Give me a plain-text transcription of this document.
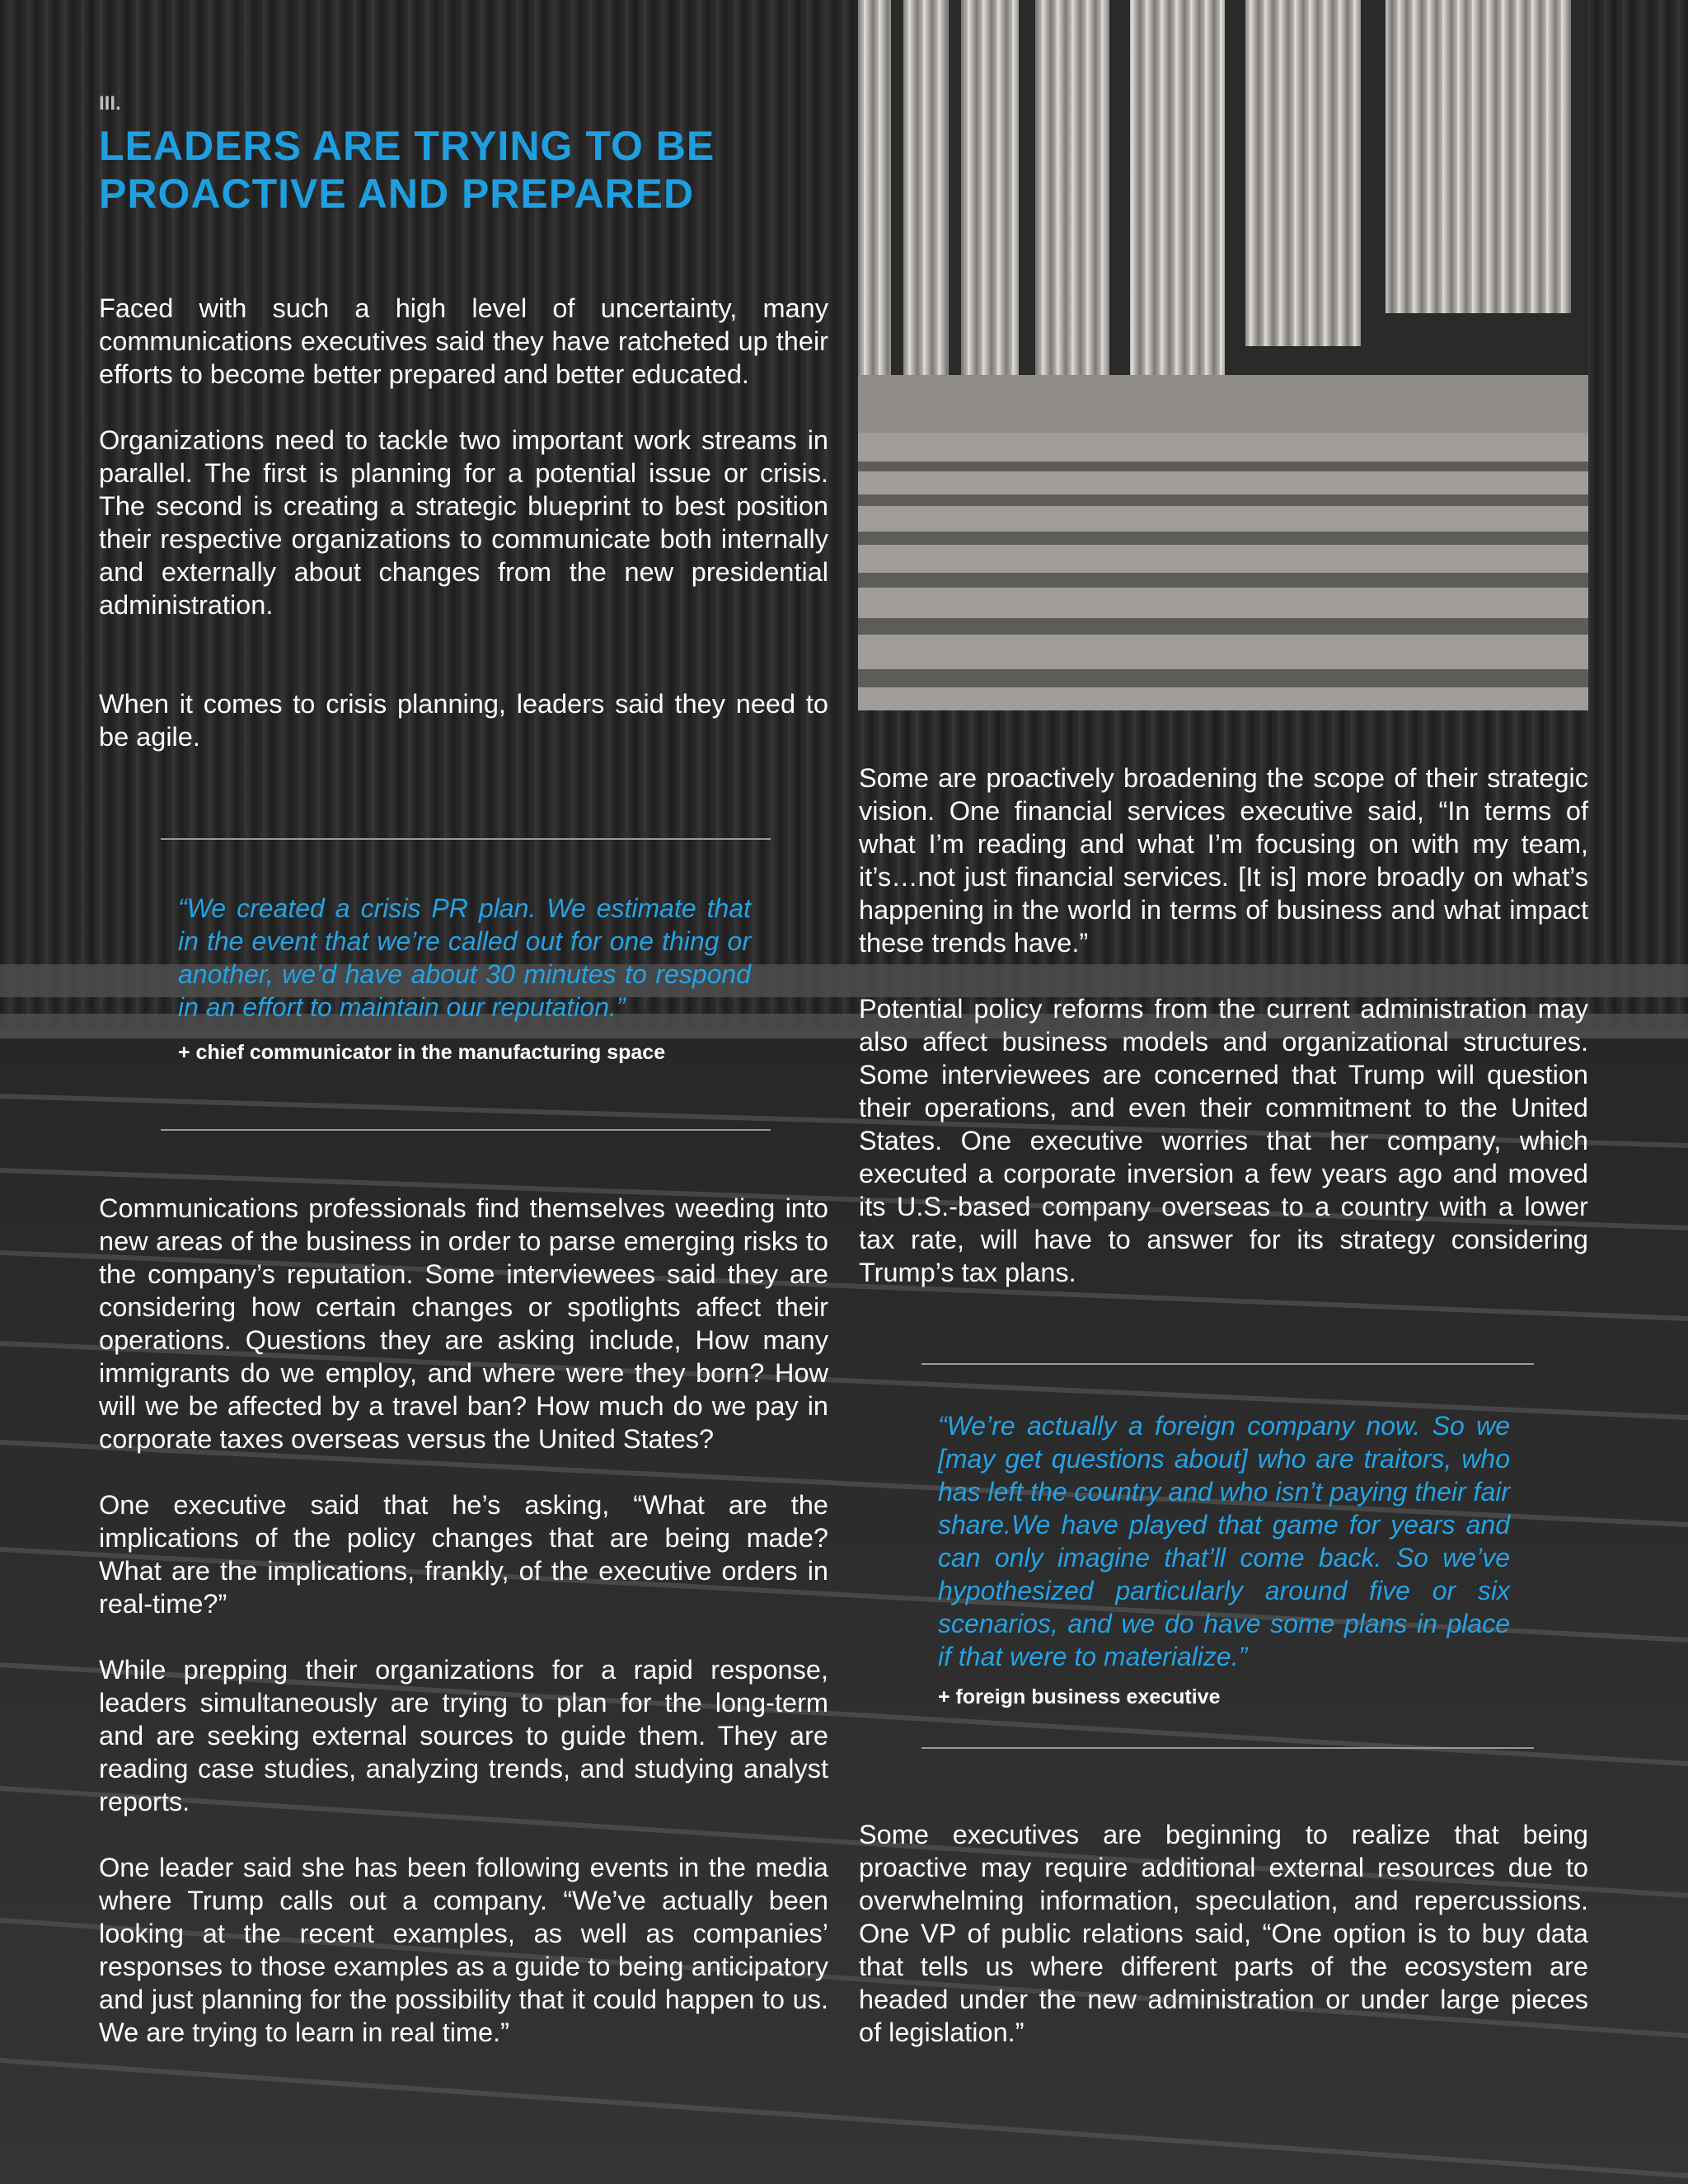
III.
LEADERS ARE TRYING TO BE
PROACTIVE AND PREPARED

Faced with such a high level of uncertainty, many communications executives said they have ratcheted up their efforts to become better prepared and better educated.

Organizations need to tackle two important work streams in parallel. The first is planning for a potential issue or crisis. The second is creating a strategic blueprint to best position their respective organizations to communicate both internally and externally about changes from the new presidential administration.

When it comes to crisis planning, leaders said they need to be agile.

“We created a crisis PR plan. We estimate that in the event that we’re called out for one thing or another, we’d have about 30 minutes to respond in an effort to maintain our reputation.”

+ chief communicator in the manufacturing space

Communications professionals find themselves weeding into new areas of the business in order to parse emerging risks to the company’s reputation. Some interviewees said they are considering how certain changes or spotlights affect their operations. Questions they are asking include, How many immigrants do we employ, and where were they born? How will we be affected by a travel ban? How much do we pay in corporate taxes overseas versus the United States?

One executive said that he’s asking, “What are the implications of the policy changes that are being made? What are the implications, frankly, of the executive orders in real-time?”

While prepping their organizations for a rapid response, leaders simultaneously are trying to plan for the long-term and are seeking external sources to guide them. They are reading case studies, analyzing trends, and studying analyst reports.

One leader said she has been following events in the media where Trump calls out a company. “We’ve actually been looking at the recent examples, as well as companies’ responses to those examples as a guide to being anticipatory and just planning for the possibility that it could happen to us. We are trying to learn in real time.”

Some are proactively broadening the scope of their strategic vision. One financial services executive said, “In terms of what I’m reading and what I’m focusing on with my team, it’s…not just financial services. [It is] more broadly on what’s happening in the world in terms of business and what impact these trends have.”

Potential policy reforms from the current administration may also affect business models and organizational structures. Some interviewees are concerned that Trump will question their operations, and even their commitment to the United States. One executive worries that her company, which executed a corporate inversion a few years ago and moved its U.S.-based company overseas to a country with a lower tax rate, will have to answer for its strategy considering Trump’s tax plans.

“We’re actually a foreign company now. So we [may get questions about] who are traitors, who has left the country and who isn’t paying their fair share.We have played that game for years and can only imagine that’ll come back. So we’ve hypothesized particularly around five or six scenarios, and we do have some plans in place if that were to materialize.”

+ foreign business executive

Some executives are beginning to realize that being proactive may require additional external resources due to overwhelming information, speculation, and repercussions. One VP of public relations said, “One option is to buy data that tells us where different parts of the ecosystem are headed under the new administration or under large pieces of legislation.”
